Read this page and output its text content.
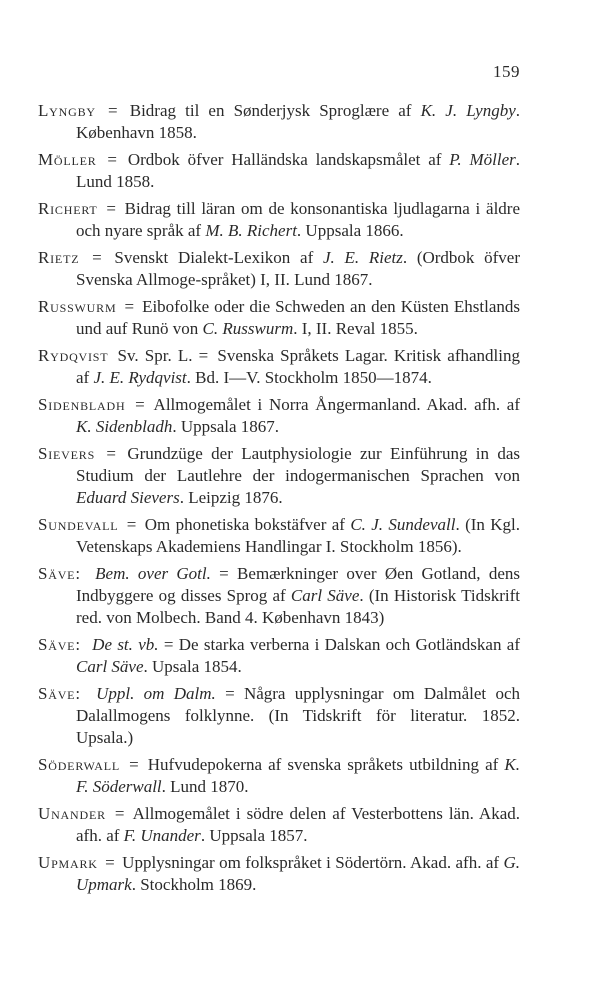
159

Lyngby = Bidrag til en Sønderjysk Sproglære af K. J. Lyngby. København 1858.

Möller = Ordbok öfver Halländska landskapsmålet af P. Möller. Lund 1858.

Richert = Bidrag till läran om de konsonantiska ljudlagarna i äldre och nyare språk af M. B. Richert. Uppsala 1866.

Rietz = Svenskt Dialekt-Lexikon af J. E. Rietz. (Ordbok öfver Svenska Allmoge-språket) I, II. Lund 1867.

Russwurm = Eibofolke oder die Schweden an den Küsten Ehstlands und auf Runö von C. Russwurm. I, II. Reval 1855.

Rydqvist Sv. Spr. L. = Svenska Språkets Lagar. Kritisk afhandling af J. E. Rydqvist. Bd. I—V. Stockholm 1850—1874.

Sidenbladh = Allmogemålet i Norra Ångermanland. Akad. afh. af K. Sidenbladh. Uppsala 1867.

Sievers = Grundzüge der Lautphysiologie zur Einführung in das Studium der Lautlehre der indogermanischen Sprachen von Eduard Sievers. Leipzig 1876.

Sundevall = Om phonetiska bokstäfver af C. J. Sundevall. (In Kgl. Vetenskaps Akademiens Handlingar I. Stockholm 1856).

Säve: Bem. over Gotl. = Bemærkninger over Øen Gotland, dens Indbyggere og disses Sprog af Carl Säve. (In Historisk Tidskrift red. von Molbech. Band 4. København 1843)

Säve: De st. vb. = De starka verberna i Dalskan och Gotländskan af Carl Säve. Upsala 1854.

Säve: Uppl. om Dalm. = Några upplysningar om Dalmålet och Dalallmogens folklynne. (In Tidskrift för literatur. 1852. Upsala.)

Söderwall = Hufvudepokerna af svenska språkets utbildning af K. F. Söderwall. Lund 1870.

Unander = Allmogemålet i södre delen af Vesterbottens län. Akad. afh. af F. Unander. Uppsala 1857.

Upmark = Upplysningar om folkspråket i Södertörn. Akad. afh. af G. Upmark. Stockholm 1869.
